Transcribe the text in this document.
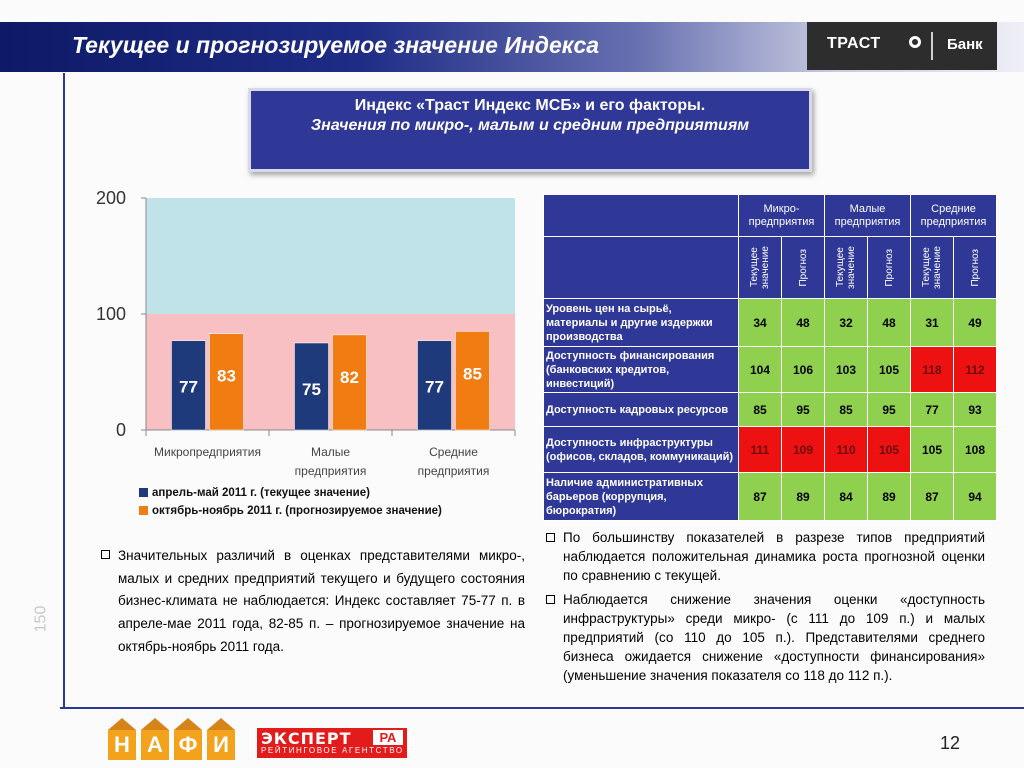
Текущее и прогнозируемое значение Индекса	ТРАСТ	Банк
Индекс «Траст Индекс МСБ» и его факторы.
Значения по микро-, малым и средним предприятиям
0
100
200
77
83
Микропредприятия
75
82
Малые
предприятия
77
85
Средние
предприятия
апрель-май 2011 г. (текущее значение)
октябрь-ноябрь 2011 г. (прогнозируемое значение)
	Микро- предприятия		Малые предприятия		Средние предприятия	

	Текущее значение	Прогноз	Текущее значение	Прогноз	Текущее значение	Прогноз

Уровень цен на сырьё, материалы и другие издержки производства	34	48	32	48	31	49
Доступность финансирования (банковских кредитов, инвестиций)	104	106	103	105	118	112
Доступность кадровых ресурсов	85	95	85	95	77	93
Доступность инфраструктуры (офисов, складов, коммуникаций)	111	109	110	105	105	108
Наличие административных барьеров (коррупция, бюрократия)	87	89	84	89	87	94
Значительных различий в оценках представителями микро-, малых и средних предприятий текущего и будущего состояния бизнес-климата не наблюдается: Индекс составляет 75-77 п. в апреле-мае 2011 года, 82-85 п. – прогнозируемое значение на октябрь-ноябрь 2011 года.
По большинству показателей в разрезе типов предприятий наблюдается положительная динамика роста прогнозной оценки по сравнению с текущей.
Наблюдается снижение значения оценки «доступность инфраструктуры» среди микро- (с 111 до 109 п.) и малых предприятий (со 110 до 105 п.). Представителями среднего бизнеса ожидается снижение «доступности финансирования» (уменьшение значения показателя со 118 до 112 п.).
Н А Ф И	ЭКСПЕРТ	РА
РЕЙТИНГОВОЕ АГЕНТСТВО	12
150
